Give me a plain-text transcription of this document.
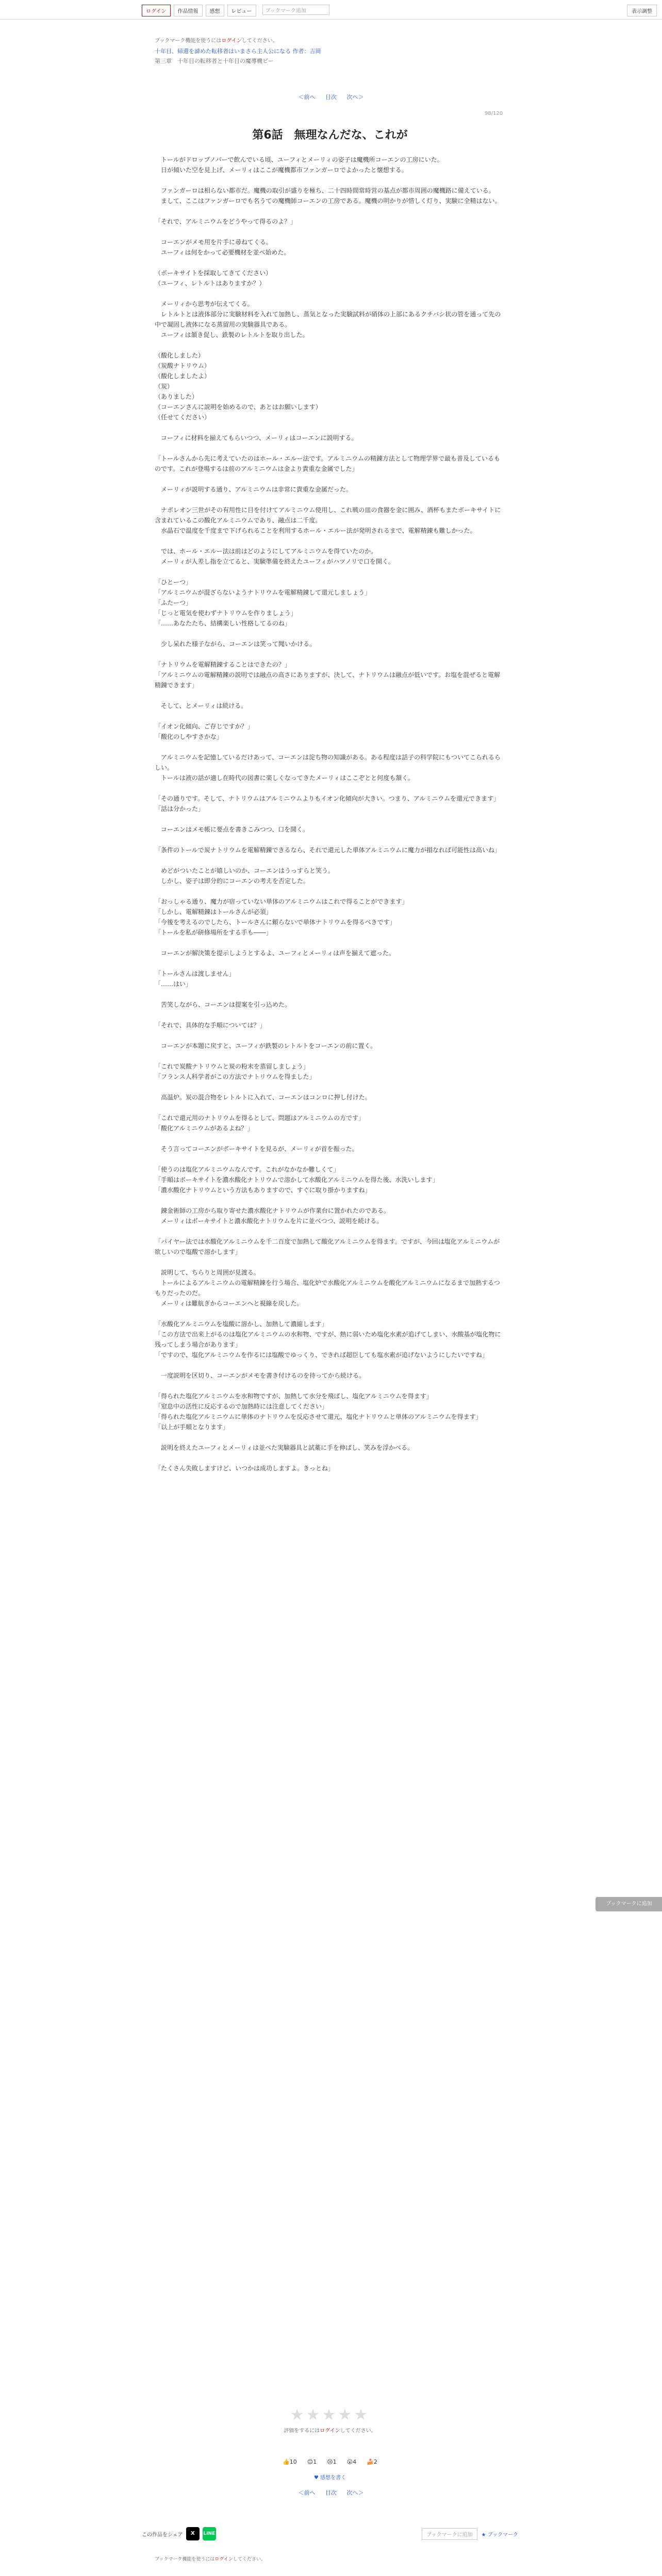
ログイン	作品情報	感想	レビュー	ブックマーク追加	表示調整
ブックマーク機能を使うにはログインしてください。
十年目、帰還を諦めた転移者はいまさら主人公になる 作者：吉岡
第三章　十年目の転移者と十年目の魔導機ピー
＜前へ 目次 次へ＞
98/120
第6話　無理なんだな、これが

　トールがドロップノバーで飲んでいる頃、ユーフィとメーリィの姿子は魔機所コーエンの工房にいた。

　日が傾いた空を見上げ、メーリィはここが魔機都市ファンガーロでよかったと懐想する。

　ファンガーロは相らない都市だ。魔機の取引が盛りを極ち、二十四時間常時営の基点が都市周囲の魔機路に備えている。

　まして、ここはファンガーロでも名うての魔機師コーエンの工房である。魔機の明かりが惜しく灯り、実験に全精はない。

「それで、アルミニウムをどうやって得るのよ？」

　コーエンがメモ用を片手に尋ねてくる。

　ユーフィは何をかって必要機材を並べ始めた。

（ボーキサイトを採取してきてください）

（ユーフィ、レトルトはありますか？）

　メーリィから思考が伝えてくる。

　レトルトとは液体部分に実験材料を入れて加熱し、蒸気となった実験試料が硝体の上部にあるクチバシ状の管を通って先の中で凝固し液体になる蒸留用の実験器具である。

　ユーフィは頷き促し、鉄製のレトルトを取り出した。

（酸化しました）

（炭酸ナトリウム）

（酸化しましたよ）

（炭）

（ありました）

（コーエンさんに説明を始めるので、あとはお願いします）

（任せてください）

　コーフィに材料を揃えてもらいつつ、メーリィはコーエンに説明する。

「トールさんから先に考えていたのはホール・エルー法です。アルミニウムの精錬方法として物理学界で最も普及しているものです。これが登場するは前のアルミニウムは金より貴重な金属でした」

　メーリィが説明する通り、アルミニウムは非常に貴重な金属だった。

　ナポレオン三世がその有用性に目を付けてアルミニウム使用し、これ戦の皿の食器を金に囲み、酒杯もまたボーキサイトに含まれているこの酸化アルミニウムであり、融点は二千度。

　水晶石で温度を千度まで下げられることを利用するホール・エルー法が発明されるまで、電解精錬も難しかった。

　では、ホール・エルー法は前はどのようにしてアルミニウムを得ていたのか。

　メーリィが人差し指を立てると、実験準備を終えたユーフィがハツノリで口を開く。

「ひとーつ」

「アルミニウムが混ざらないようナトリウムを電解精錬して還元しましょう」

「ふたーつ」

「じっと電気を使わずナトリウムを作りましょう」

「……あなたたち、結構楽しい性格してるのね」

　少し呆れた様子ながら、コーエンは笑って聞いかける。

「ナトリウムを電解精錬することはできたの？」

「アルミニウムの電解精錬の説明では融点の高さにありますが、決して、ナトリウムは融点が低いです。お塩を混ぜると電解精錬できます」

　そして、とメーリィは続ける。

「イオン化傾向、ご存じですか？」

「酸化のしやすさかな」

　アルミニウムを記憶しているだけあって、コーエンは淀ち物の知識がある。ある程度は話子の科学院にもついてこられるらしい。

　トールは液の話が適し在時代の図書に楽しくなってきたメーリィはここぞとと何度も頷く。

「その通りです。そして、ナトリウムはアルミニウムよりもイオン化傾向が大きい。つまり、アルミニウムを還元できます」

「話は分かった」

　コーエンはメモ帳に要点を書きこみつつ、口を開く。

「条件のトールで炭ナトリウムを電解精錬できるなら、それで還元した単体アルミニウムに魔力が損なれば可能性は高いね」

　めどがついたことが嬉しいのか、コーエンはうっすらと笑う。

　しかし、姿子は即分的にコーエンの考えを否定した。

「おっしゃる通り、魔力が宿っていない単体のアルミニウムはこれで得ることができます」

「しかし、電解精錬はトールさんが必須」

「今後を考えるのでしたら、トールさんに頼らないで単体ナトリウムを得るべきです」

「トールを私が研修場所をする手も――」

　コーエンが解決策を提示しようとするよ、ユーフィとメーリィは声を揃えて遮った。

「トールさんは渡しません」

「……はい」

　苦笑しながら、コーエンは提案を引っ込めた。

「それで、具体的な手順については？」

　コーエンが本題に戻すと、ユーフィが鉄製のレトルトをコーエンの前に置く。

「これで炭酸ナトリウムと炭の粉末を蒸留しましょう」

「フランス人科学者がこの方法でナトリウムを得ました」

　高温炉。炭の混合物をレトルトに入れて、コーエンはコンロに押し付けた。

「これで還元用のナトリウムを得るとして、問題はアルミニウムの方です」

「酸化アルミニウムがあるよね？」

　そう言ってコーエンがボーキサイトを見るが、メーリィが首を振った。

「使うのは塩化アルミニウムなんです。これがなかなか難しくて」

「手順はボーキサイトを濃水酸化ナトリウムで溶かして水酸化アルミニウムを得た後、水洗いします」

「濃水酸化ナトリウムという方法もありますので、すぐに取り掛かりますね」

　錬金術師の工房から取り寄せた濃水酸化ナトリウムが作業台に置かれたのである。

　メーリィはボーキサイトと濃水酸化ナトリウムを片に並べつつ、説明を続ける。

「バイヤー法では水酸化アルミニウムを千二百度で加熱して酸化アルミニウムを得ます。ですが、今回は塩化アルミニウムが欲しいので塩酸で溶かします」

　説明して、ちらりと周囲が見渡る。

　トールによるアルミニウムの電解精錬を行う場合、塩化炉で水酸化アルミニウムを酸化アルミニウムになるまで加熱するつもりだったのだ。

　メーリィは難航ぎからコーエンへと視線を戻した。

「水酸化アルミニウムを塩酸に溶かし、加熱して濃縮します」

「この方法で出来上がるのは塩化アルミニウムの水和物、ですが、熱に弱いため塩化水素が追げてしまい、水酸基が塩化物に残ってしまう場合があります」

「ですので、塩化アルミニウムを作るには塩酸でゆっくり、できれば超臣しても塩水素が追げないようにしたいですね」

　一度説明を区切り、コーエンがメモを書き付けるのを待ってから続ける。

「得られた塩化アルミニウムを水和物ですが、加熱して水分を飛ばし、塩化アルミニウムを得ます」

「窒息中の活性に反応するので加熱時には注意してください」

「得られた塩化アルミニウムに単体のナトリウムを反応させて還元、塩化ナトリウムと単体のアルミニウムを得ます」

「以上が手順となります」

　説明を終えたユーフィとメーリィは並べた実験器具と試薬に手を伸ばし、笑みを浮かべる。

「たくさん失敗しますけど、いつかは成功しますよ。きっとね」

ブックマークに追加
★★★★★
評価をするにはログインしてください。
👍10	😊1	😢1	😮4	🍰2
♥ 感想を書く
＜前へ 目次 次へ＞
この作品をシェア	X	LINE	ブックマークに追加	★ ブックマーク
ブックマーク機能を使うにはログインしてください。
